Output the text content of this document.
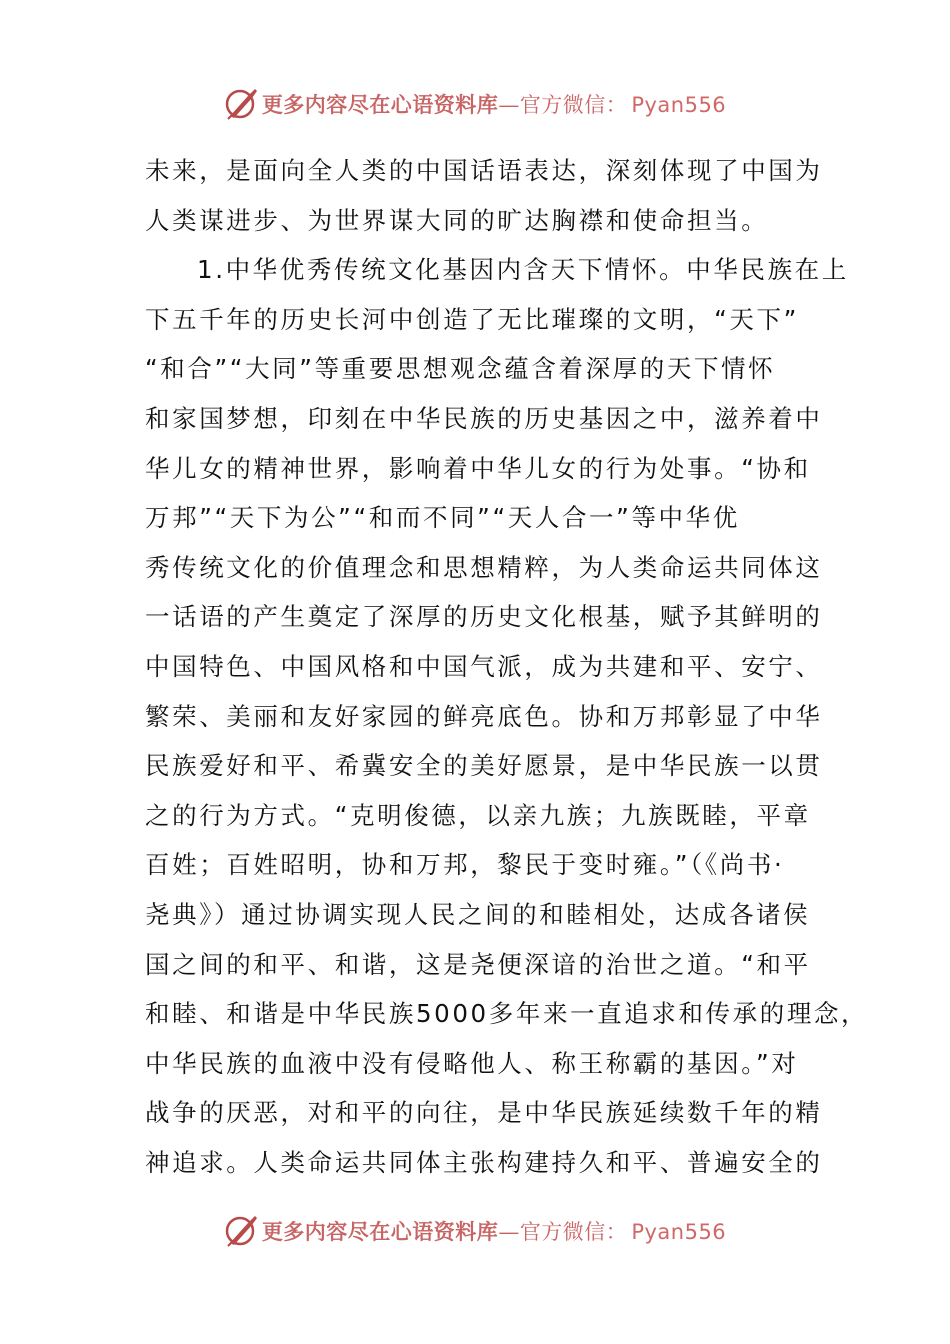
更多内容尽在心语资料库—官方微信： Pyan556
未来，是面向全人类的中国话语表达，深刻体现了中国为
人类谋进步、为世界谋大同的旷达胸襟和使命担当。
1.中华优秀传统文化基因内含天下情怀。中华民族在上
下五千年的历史长河中创造了无比璀璨的文明，“天下”
“和合”“大同”等重要思想观念蕴含着深厚的天下情怀
和家国梦想，印刻在中华民族的历史基因之中，滋养着中
华儿女的精神世界，影响着中华儿女的行为处事。“协和
万邦”“天下为公”“和而不同”“天人合一”等中华优
秀传统文化的价值理念和思想精粹，为人类命运共同体这
一话语的产生奠定了深厚的历史文化根基，赋予其鲜明的
中国特色、中国风格和中国气派，成为共建和平、安宁、
繁荣、美丽和友好家园的鲜亮底色。协和万邦彰显了中华
民族爱好和平、希冀安全的美好愿景，是中华民族一以贯
之的行为方式。“克明俊德，以亲九族；九族既睦，平章
百姓；百姓昭明，协和万邦，黎民于变时雍。”（《尚书·
尧典》）通过协调实现人民之间的和睦相处，达成各诸侯
国之间的和平、和谐，这是尧便深谙的治世之道。“和平
和睦、和谐是中华民族5000多年来一直追求和传承的理念，
中华民族的血液中没有侵略他人、称王称霸的基因。”对
战争的厌恶，对和平的向往，是中华民族延续数千年的精
神追求。人类命运共同体主张构建持久和平、普遍安全的
更多内容尽在心语资料库—官方微信： Pyan556
